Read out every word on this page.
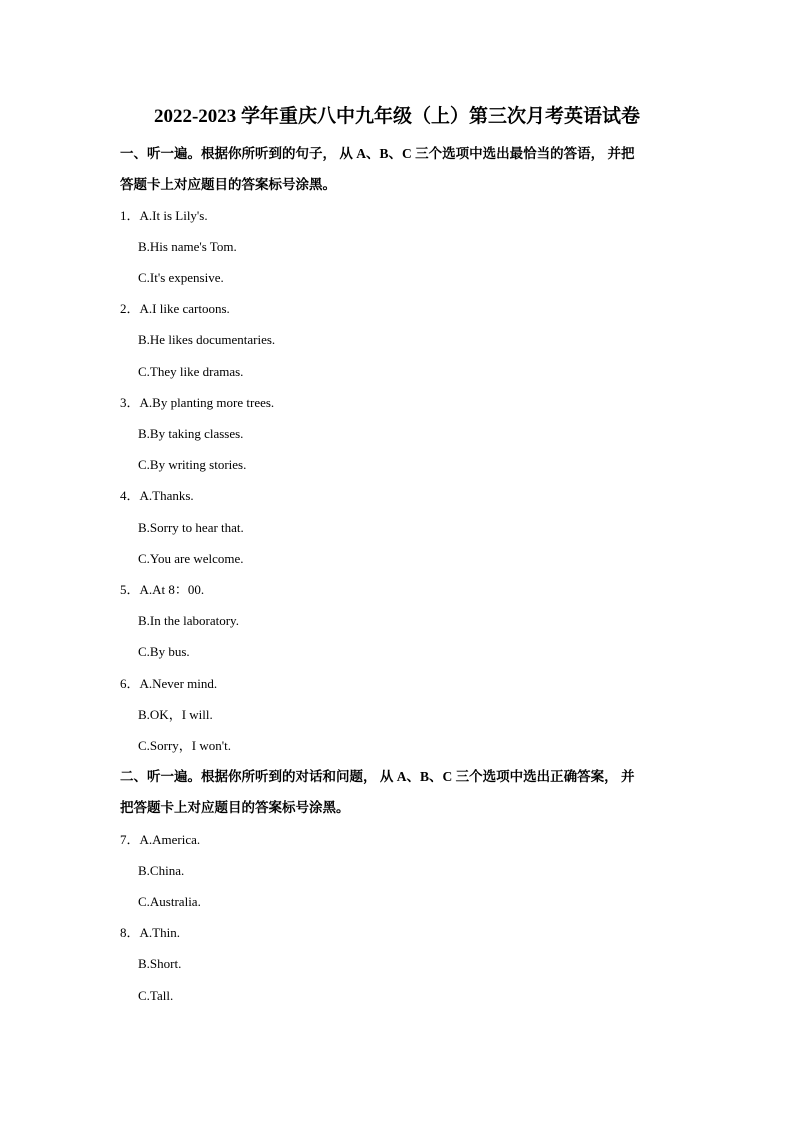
2022-2023 学年重庆八中九年级（上）第三次月考英语试卷
一、听一遍。根据你所听到的句子， 从 A、B、C 三个选项中选出最恰当的答语， 并把
答题卡上对应题目的答案标号涂黑。
1．A.It is Lily's.
B.His name's Tom.
C.It's expensive.
2．A.I like cartoons.
B.He likes documentaries.
C.They like dramas.
3．A.By planting more trees.
B.By taking classes.
C.By writing stories.
4．A.Thanks.
B.Sorry to hear that.
C.You are welcome.
5．A.At 8：00.
B.In the laboratory.
C.By bus.
6．A.Never mind.
B.OK，I will.
C.Sorry，I won't.
二、听一遍。根据你所听到的对话和问题， 从 A、B、C 三个选项中选出正确答案， 并
把答题卡上对应题目的答案标号涂黑。
7．A.America.
B.China.
C.Australia.
8．A.Thin.
B.Short.
C.Tall.
